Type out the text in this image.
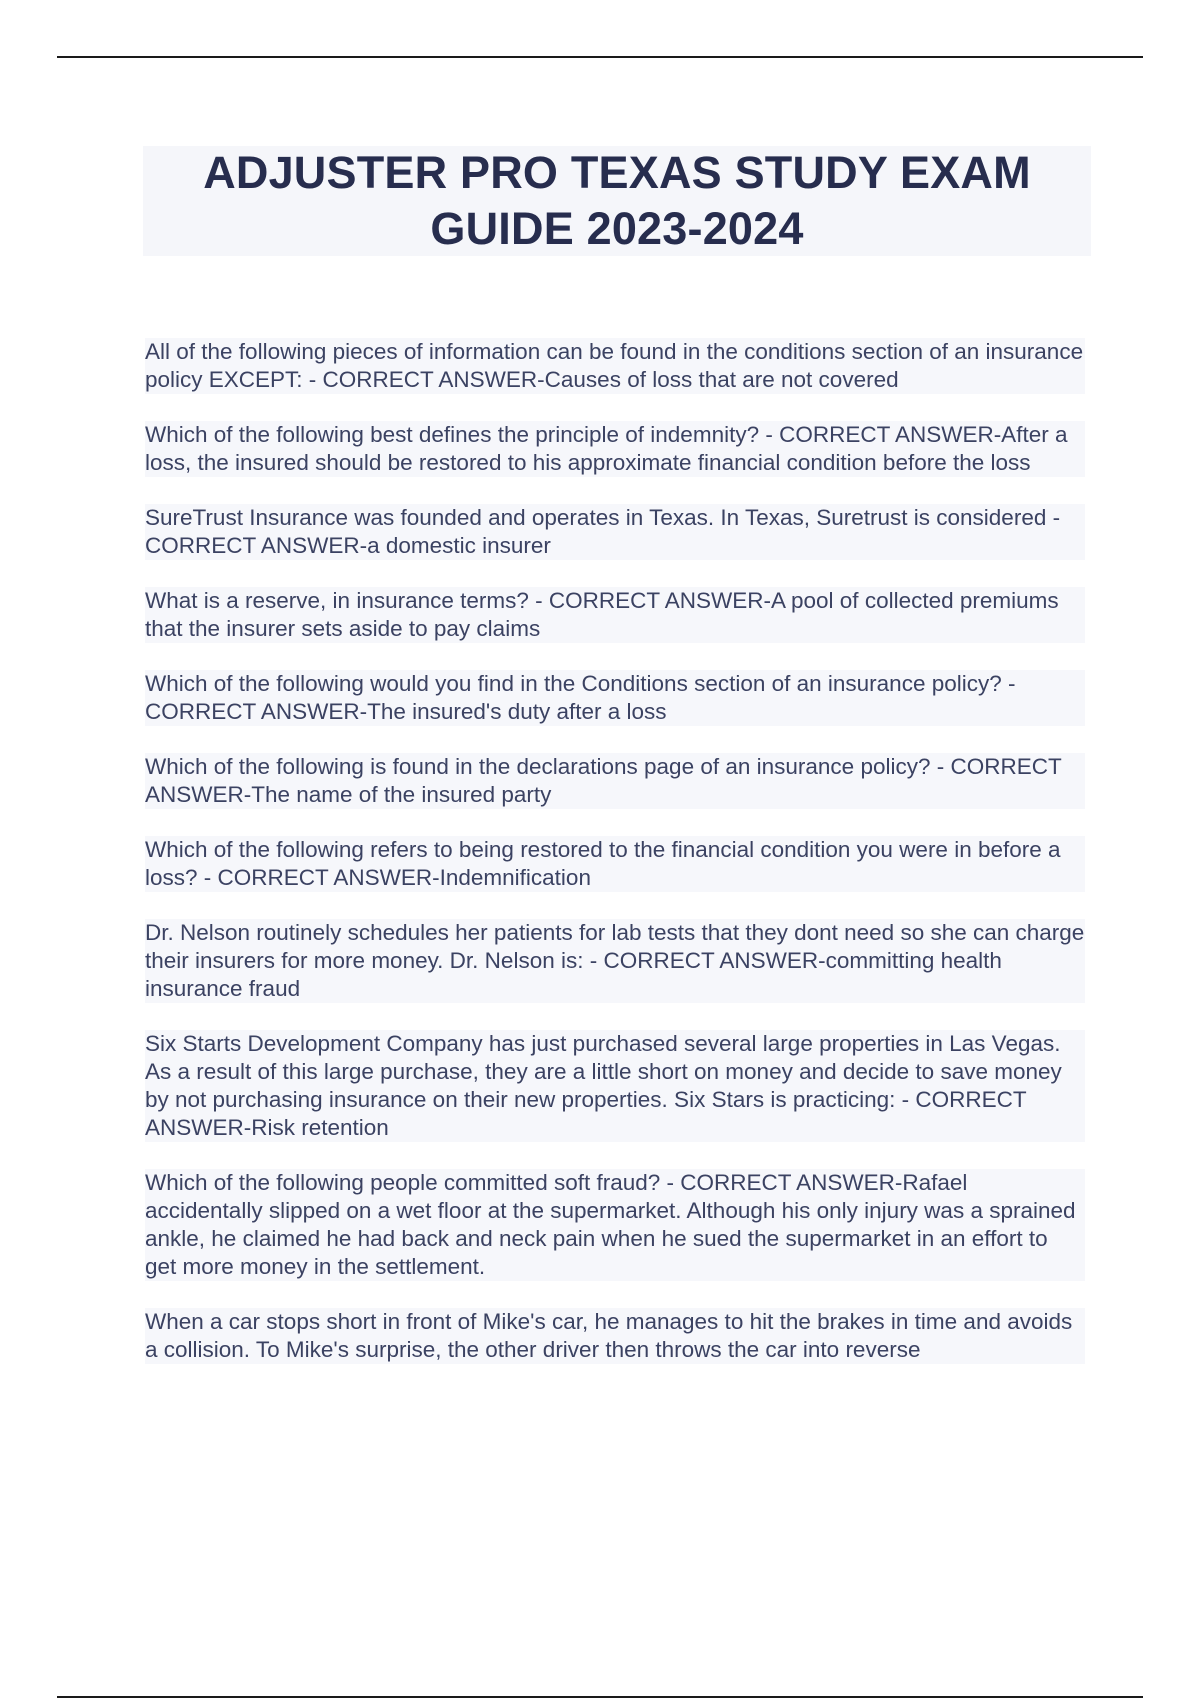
ADJUSTER PRO TEXAS STUDY EXAM GUIDE 2023-2024

All of the following pieces of information can be found in the conditions section of an insurance policy EXCEPT: - CORRECT ANSWER-Causes of loss that are not covered

Which of the following best defines the principle of indemnity? - CORRECT ANSWER-After a loss, the insured should be restored to his approximate financial condition before the loss

SureTrust Insurance was founded and operates in Texas. In Texas, Suretrust is considered - CORRECT ANSWER-a domestic insurer

What is a reserve, in insurance terms? - CORRECT ANSWER-A pool of collected premiums that the insurer sets aside to pay claims

Which of the following would you find in the Conditions section of an insurance policy? - CORRECT ANSWER-The insured's duty after a loss

Which of the following is found in the declarations page of an insurance policy? - CORRECT ANSWER-The name of the insured party

Which of the following refers to being restored to the financial condition you were in before a loss? - CORRECT ANSWER-Indemnification

Dr. Nelson routinely schedules her patients for lab tests that they dont need so she can charge their insurers for more money. Dr. Nelson is: - CORRECT ANSWER-committing health insurance fraud

Six Starts Development Company has just purchased several large properties in Las Vegas. As a result of this large purchase, they are a little short on money and decide to save money by not purchasing insurance on their new properties. Six Stars is practicing: - CORRECT ANSWER-Risk retention

Which of the following people committed soft fraud? - CORRECT ANSWER-Rafael accidentally slipped on a wet floor at the supermarket. Although his only injury was a sprained ankle, he claimed he had back and neck pain when he sued the supermarket in an effort to get more money in the settlement.

When a car stops short in front of Mike's car, he manages to hit the brakes in time and avoids a collision. To Mike's surprise, the other driver then throws the car into reverse
